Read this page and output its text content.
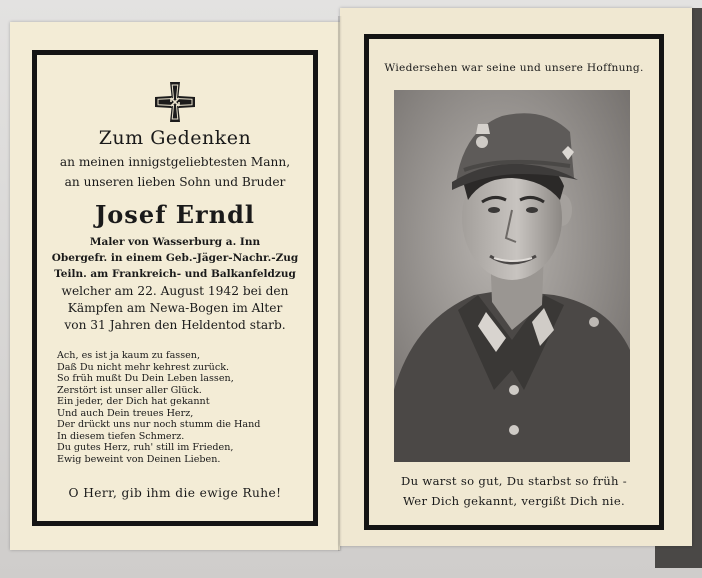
Zum Gedenken
an meinen innigstgeliebtesten Mann,
an unseren lieben Sohn und Bruder
Josef Erndl
Maler von Wasserburg a. Inn
Obergefr. in einem Geb.-Jäger-Nachr.-Zug
Teiln. am Frankreich- und Balkanfeldzug
welcher am 22. August 1942 bei den
Kämpfen am Newa-Bogen im Alter
von 31 Jahren den Heldentod starb.
Ach, es ist ja kaum zu fassen,
Daß Du nicht mehr kehrest zurück.
So früh mußt Du Dein Leben lassen,
Zerstört ist unser aller Glück.
Ein jeder, der Dich hat gekannt
Und auch Dein treues Herz,
Der drückt uns nur noch stumm die Hand
In diesem tiefen Schmerz.
Du gutes Herz, ruh' still im Frieden,
Ewig beweint von Deinen Lieben.
O Herr, gib ihm die ewige Ruhe!
Wiedersehen war seine und unsere Hoffnung.
Du warst so gut, Du starbst so früh -
Wer Dich gekannt, vergißt Dich nie.
